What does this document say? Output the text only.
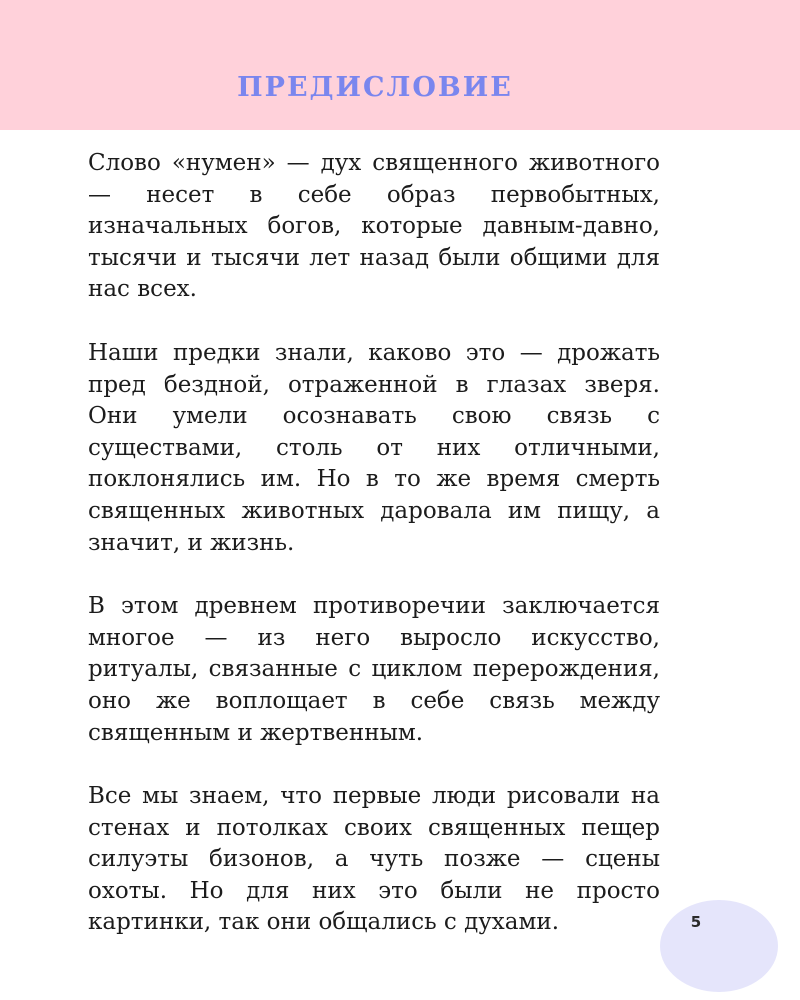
ПРЕДИСЛОВИЕ

Слово «нумен» — дух священного животного — несет в себе образ первобытных, изначальных богов, которые давным-давно, тысячи и тысячи лет назад были общими для нас всех.

Наши предки знали, каково это — дрожать пред бездной, отраженной в глазах зверя. Они умели осознавать свою связь с существами, столь от них отличными, поклонялись им. Но в то же время смерть священных животных даровала им пищу, а значит, и жизнь.

В этом древнем противоречии заключается многое — из него выросло искусство, ритуалы, связанные с циклом перерождения, оно же воплощает в себе связь между священным и жертвенным.

Все мы знаем, что первые люди рисовали на стенах и потолках своих священных пещер силуэты бизонов, а чуть позже — сцены охоты. Но для них это были не просто картинки, так они общались с духами.	5
